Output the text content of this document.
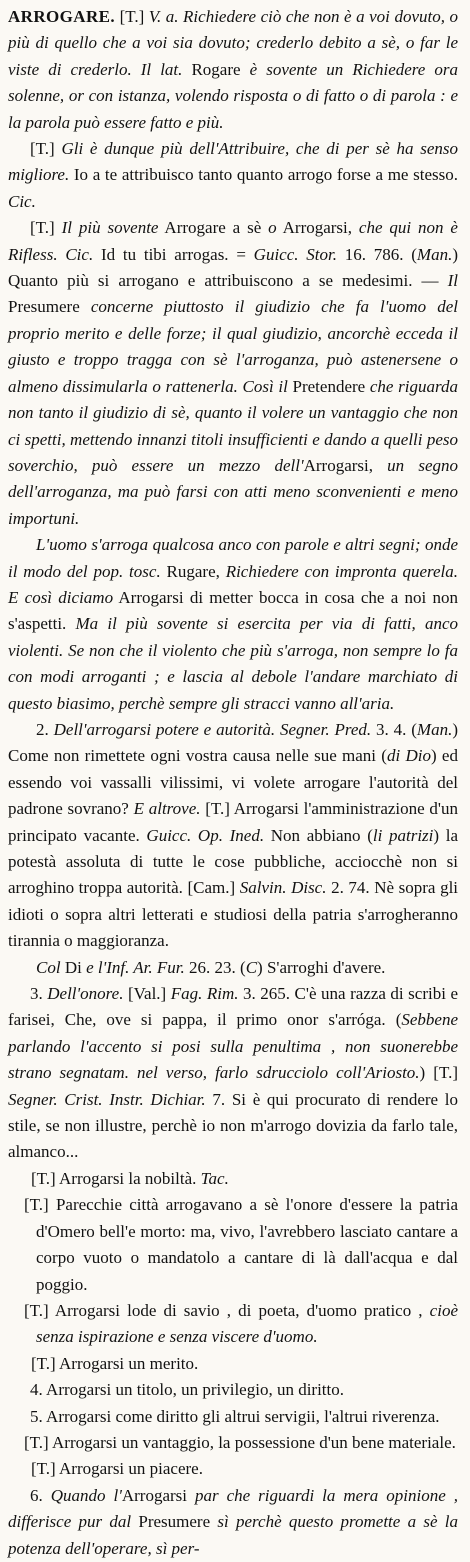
ARROGARE. [T.] V. a. Richiedere ciò che non è a voi dovuto, o più di quello che a voi sia dovuto; crederlo debito a sè, o far le viste di crederlo. Il lat. Rogare è sovente un Richiedere ora solenne, or con istanza, volendo risposta o di fatto o di parola : e la parola può essere fatto e più.

[T.] Gli è dunque più dell'Attribuire, che di per sè ha senso migliore. Io a te attribuisco tanto quanto arrogo forse a me stesso. Cic.

[T.] Il più sovente Arrogare a sè o Arrogarsi, che qui non è Rifless. Cic. Id tu tibi arrogas. = Guicc. Stor. 16. 786. (Man.) Quanto più si arrogano e attribuiscono a se medesimi. — Il Presumere concerne piuttosto il giudizio che fa l'uomo del proprio merito e delle forze; il qual giudizio, ancorchè ecceda il giusto e troppo tragga con sè l'arroganza, può astenersene o almeno dissimularla o rattenerla. Così il Pretendere che riguarda non tanto il giudizio di sè, quanto il volere un vantaggio che non ci spetti, mettendo innanzi titoli insufficienti e dando a quelli peso soverchio, può essere un mezzo dell'Arrogarsi, un segno dell'arroganza, ma può farsi con atti meno sconvenienti e meno importuni.

L'uomo s'arroga qualcosa anco con parole e altri segni; onde il modo del pop. tosc. Rugare, Richiedere con impronta querela. E così diciamo Arrogarsi di metter bocca in cosa che a noi non s'aspetti. Ma il più sovente si esercita per via di fatti, anco violenti. Se non che il violento che più s'arroga, non sempre lo fa con modi arroganti ; e lascia al debole l'andare marchiato di questo biasimo, perchè sempre gli stracci vanno all'aria.

2. Dell'arrogarsi potere e autorità. Segner. Pred. 3. 4. (Man.) Come non rimettete ogni vostra causa nelle sue mani (di Dio) ed essendo voi vassalli vilissimi, vi volete arrogare l'autorità del padrone sovrano? E altrove. [T.] Arrogarsi l'amministrazione d'un principato vacante. Guicc. Op. Ined. Non abbiano (li patrizi) la potestà assoluta di tutte le cose pubbliche, acciocchè non si arroghino troppa autorità. [Cam.] Salvin. Disc. 2. 74. Nè sopra gli idioti o sopra altri letterati e studiosi della patria s'arrogheranno tirannia o maggioranza.

Col Di e l'Inf. Ar. Fur. 26. 23. (C) S'arroghi d'avere.

3. Dell'onore. [Val.] Fag. Rim. 3. 265. C'è una razza di scribi e farisei, Che, ove si pappa, il primo onor s'arróga. (Sebbene parlando l'accento si posi sulla penultima , non suonerebbe strano segnatam. nel verso, farlo sdrucciolo coll'Ariosto.) [T.] Segner. Crist. Instr. Dichiar. 7. Si è qui procurato di rendere lo stile, se non illustre, perchè io non m'arrogo dovizia da farlo tale, almanco...

[T.] Arrogarsi la nobiltà. Tac.

[T.] Parecchie città arrogavano a sè l'onore d'essere la patria d'Omero bell'e morto: ma, vivo, l'avrebbero lasciato cantare a corpo vuoto o mandatolo a cantare di là dall'acqua e dal poggio.

[T.] Arrogarsi lode di savio , di poeta, d'uomo pratico , cioè senza ispirazione e senza viscere d'uomo.

[T.] Arrogarsi un merito.

4. Arrogarsi un titolo, un privilegio, un diritto.

5. Arrogarsi come diritto gli altrui servigii, l'altrui riverenza.

[T.] Arrogarsi un vantaggio, la possessione d'un bene materiale.

[T.] Arrogarsi un piacere.

6. Quando l'Arrogarsi par che riguardi la mera opinione , differisce pur dal Presumere sì perchè questo promette a sè la potenza dell'operare, sì per-
